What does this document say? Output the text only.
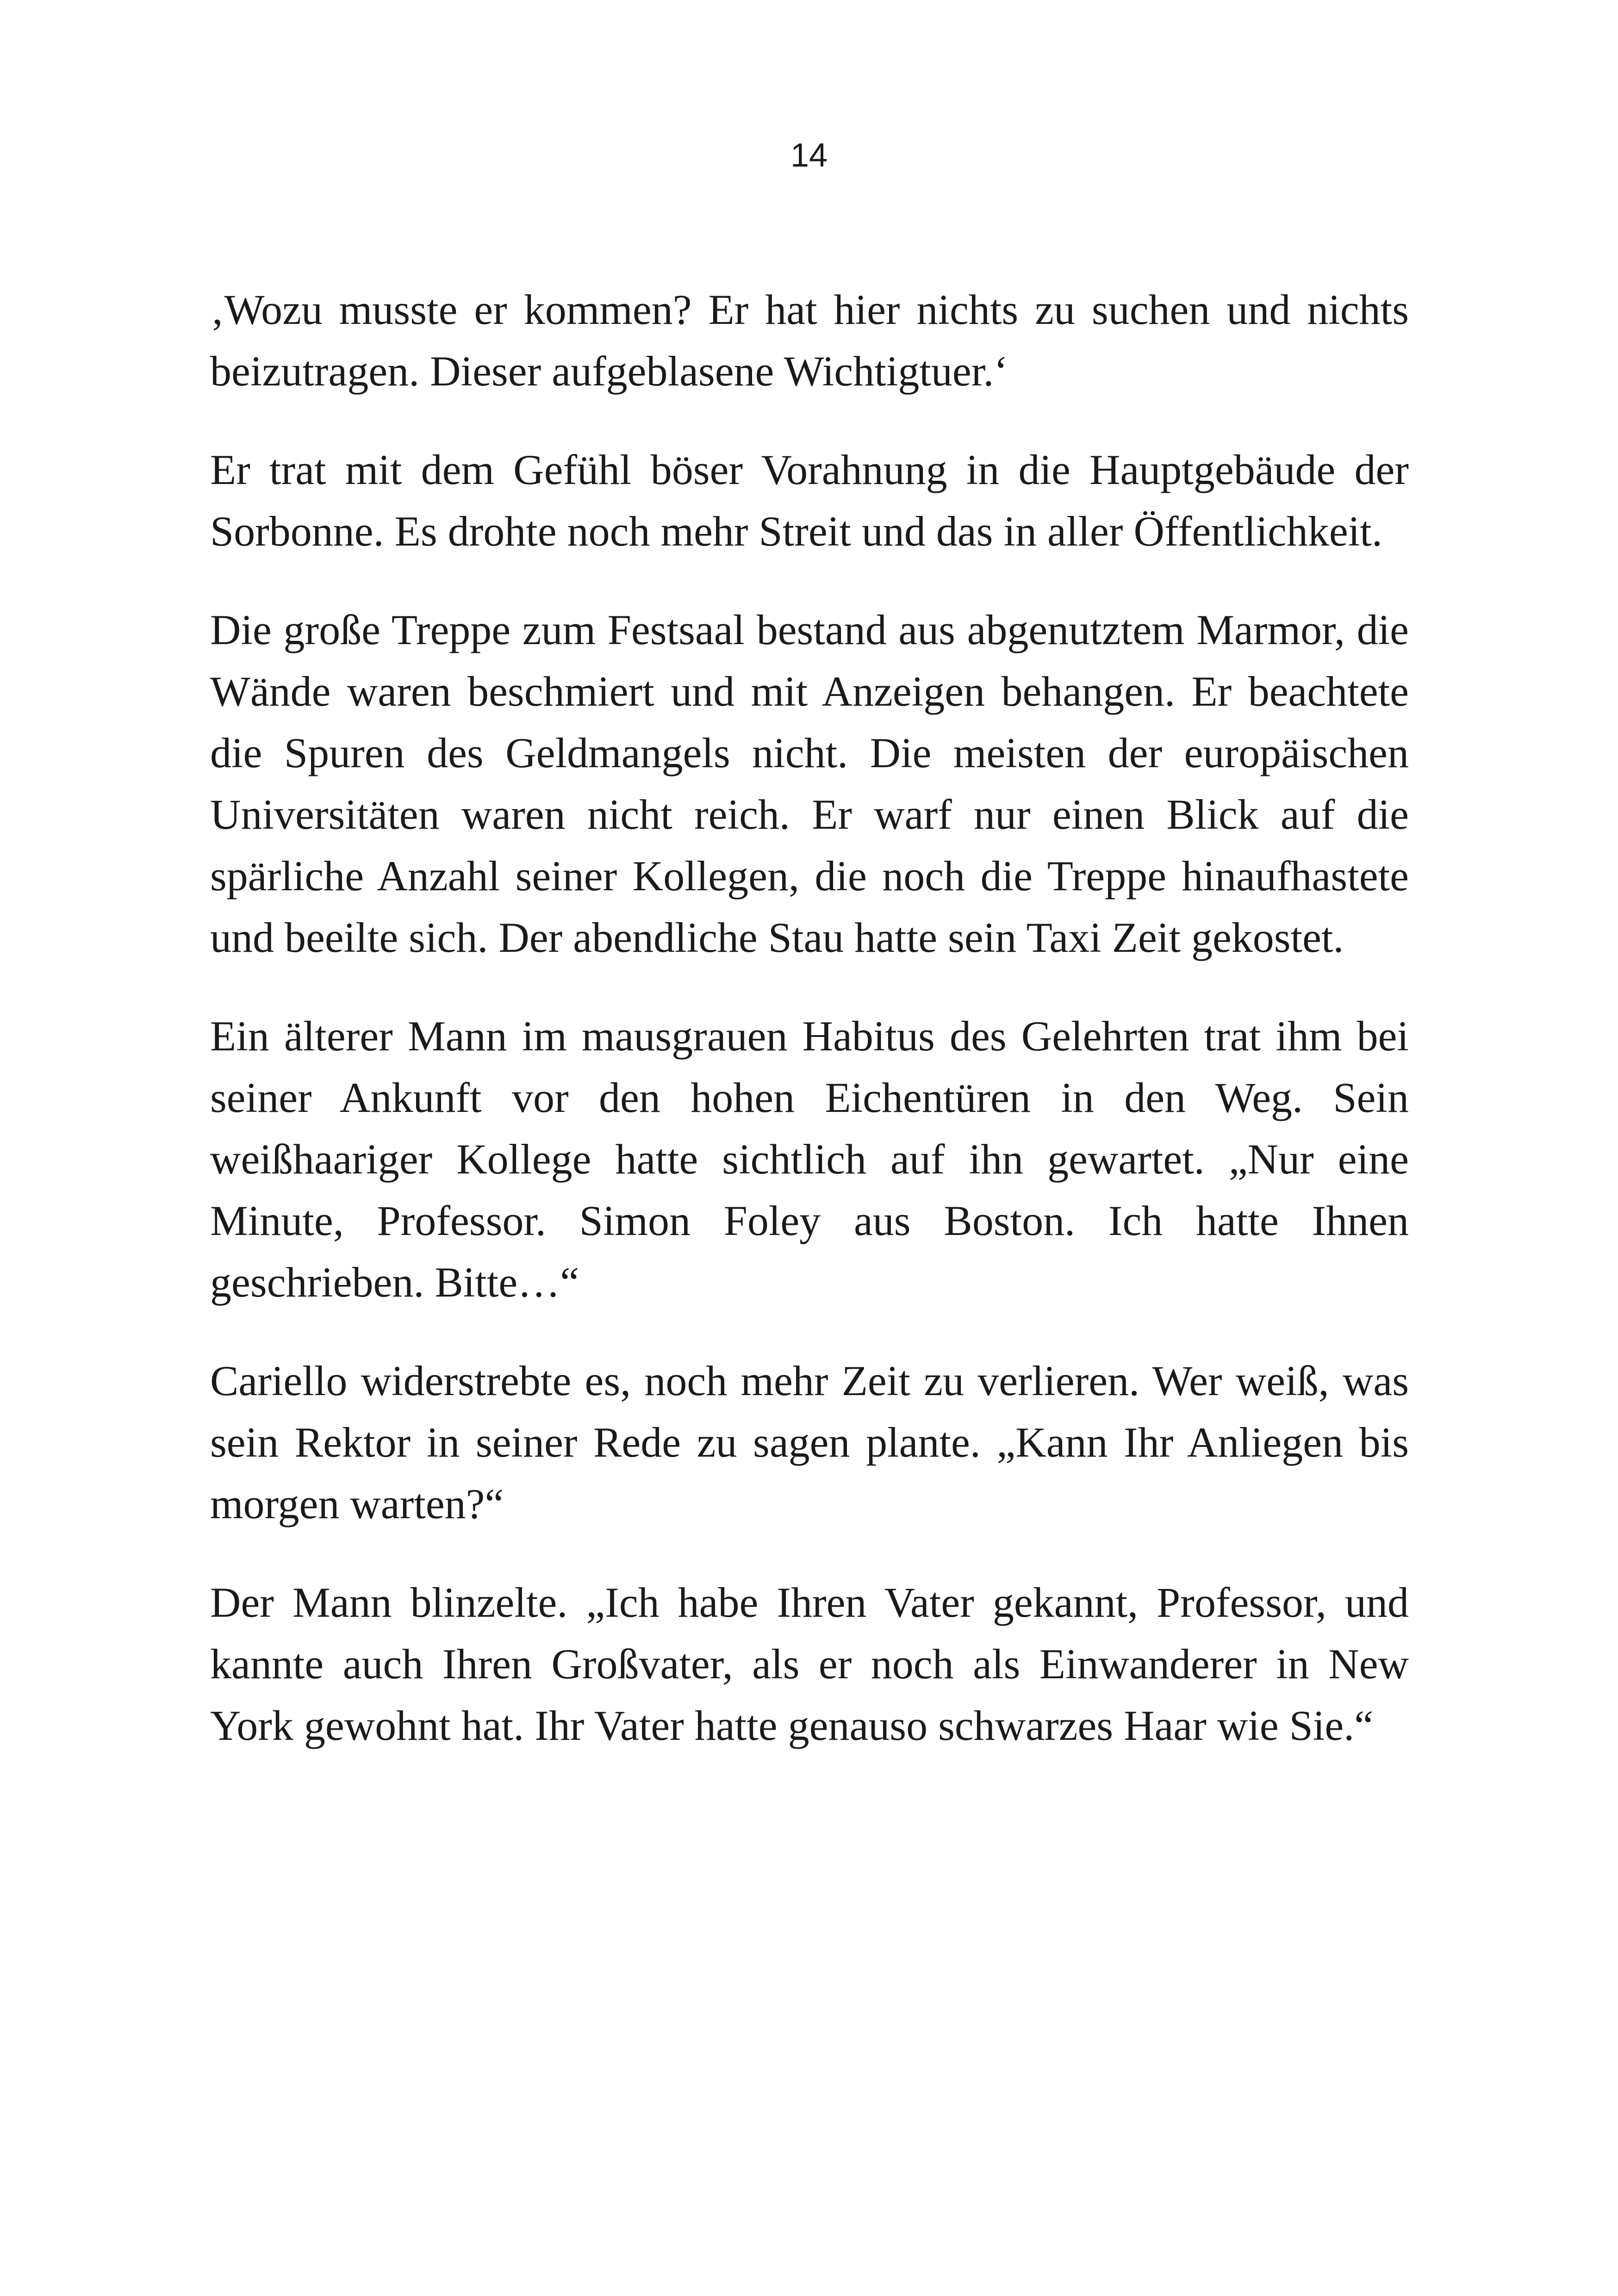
14

‚Wozu musste er kommen? Er hat hier nichts zu suchen und nichts beizutragen. Dieser aufgeblasene Wichtigtuer.‘

Er trat mit dem Gefühl böser Vorahnung in die Hauptgebäude der Sorbonne. Es drohte noch mehr Streit und das in aller Öffentlichkeit.

Die große Treppe zum Festsaal bestand aus abgenutztem Marmor, die Wände waren beschmiert und mit Anzeigen behangen. Er beachtete die Spuren des Geldmangels nicht. Die meisten der europäischen Universitäten waren nicht reich. Er warf nur einen Blick auf die spärliche Anzahl seiner Kollegen, die noch die Treppe hinaufhastete und beeilte sich. Der abendliche Stau hatte sein Taxi Zeit gekostet.

Ein älterer Mann im mausgrauen Habitus des Gelehrten trat ihm bei seiner Ankunft vor den hohen Eichentüren in den Weg. Sein weißhaariger Kollege hatte sichtlich auf ihn gewartet. „Nur eine Minute, Professor. Simon Foley aus Boston. Ich hatte Ihnen geschrieben. Bitte…“

Cariello widerstrebte es, noch mehr Zeit zu verlieren. Wer weiß, was sein Rektor in seiner Rede zu sagen plante. „Kann Ihr Anliegen bis morgen warten?“

Der Mann blinzelte. „Ich habe Ihren Vater gekannt, Professor, und kannte auch Ihren Großvater, als er noch als Einwanderer in New York gewohnt hat. Ihr Vater hatte genauso schwarzes Haar wie Sie.“
